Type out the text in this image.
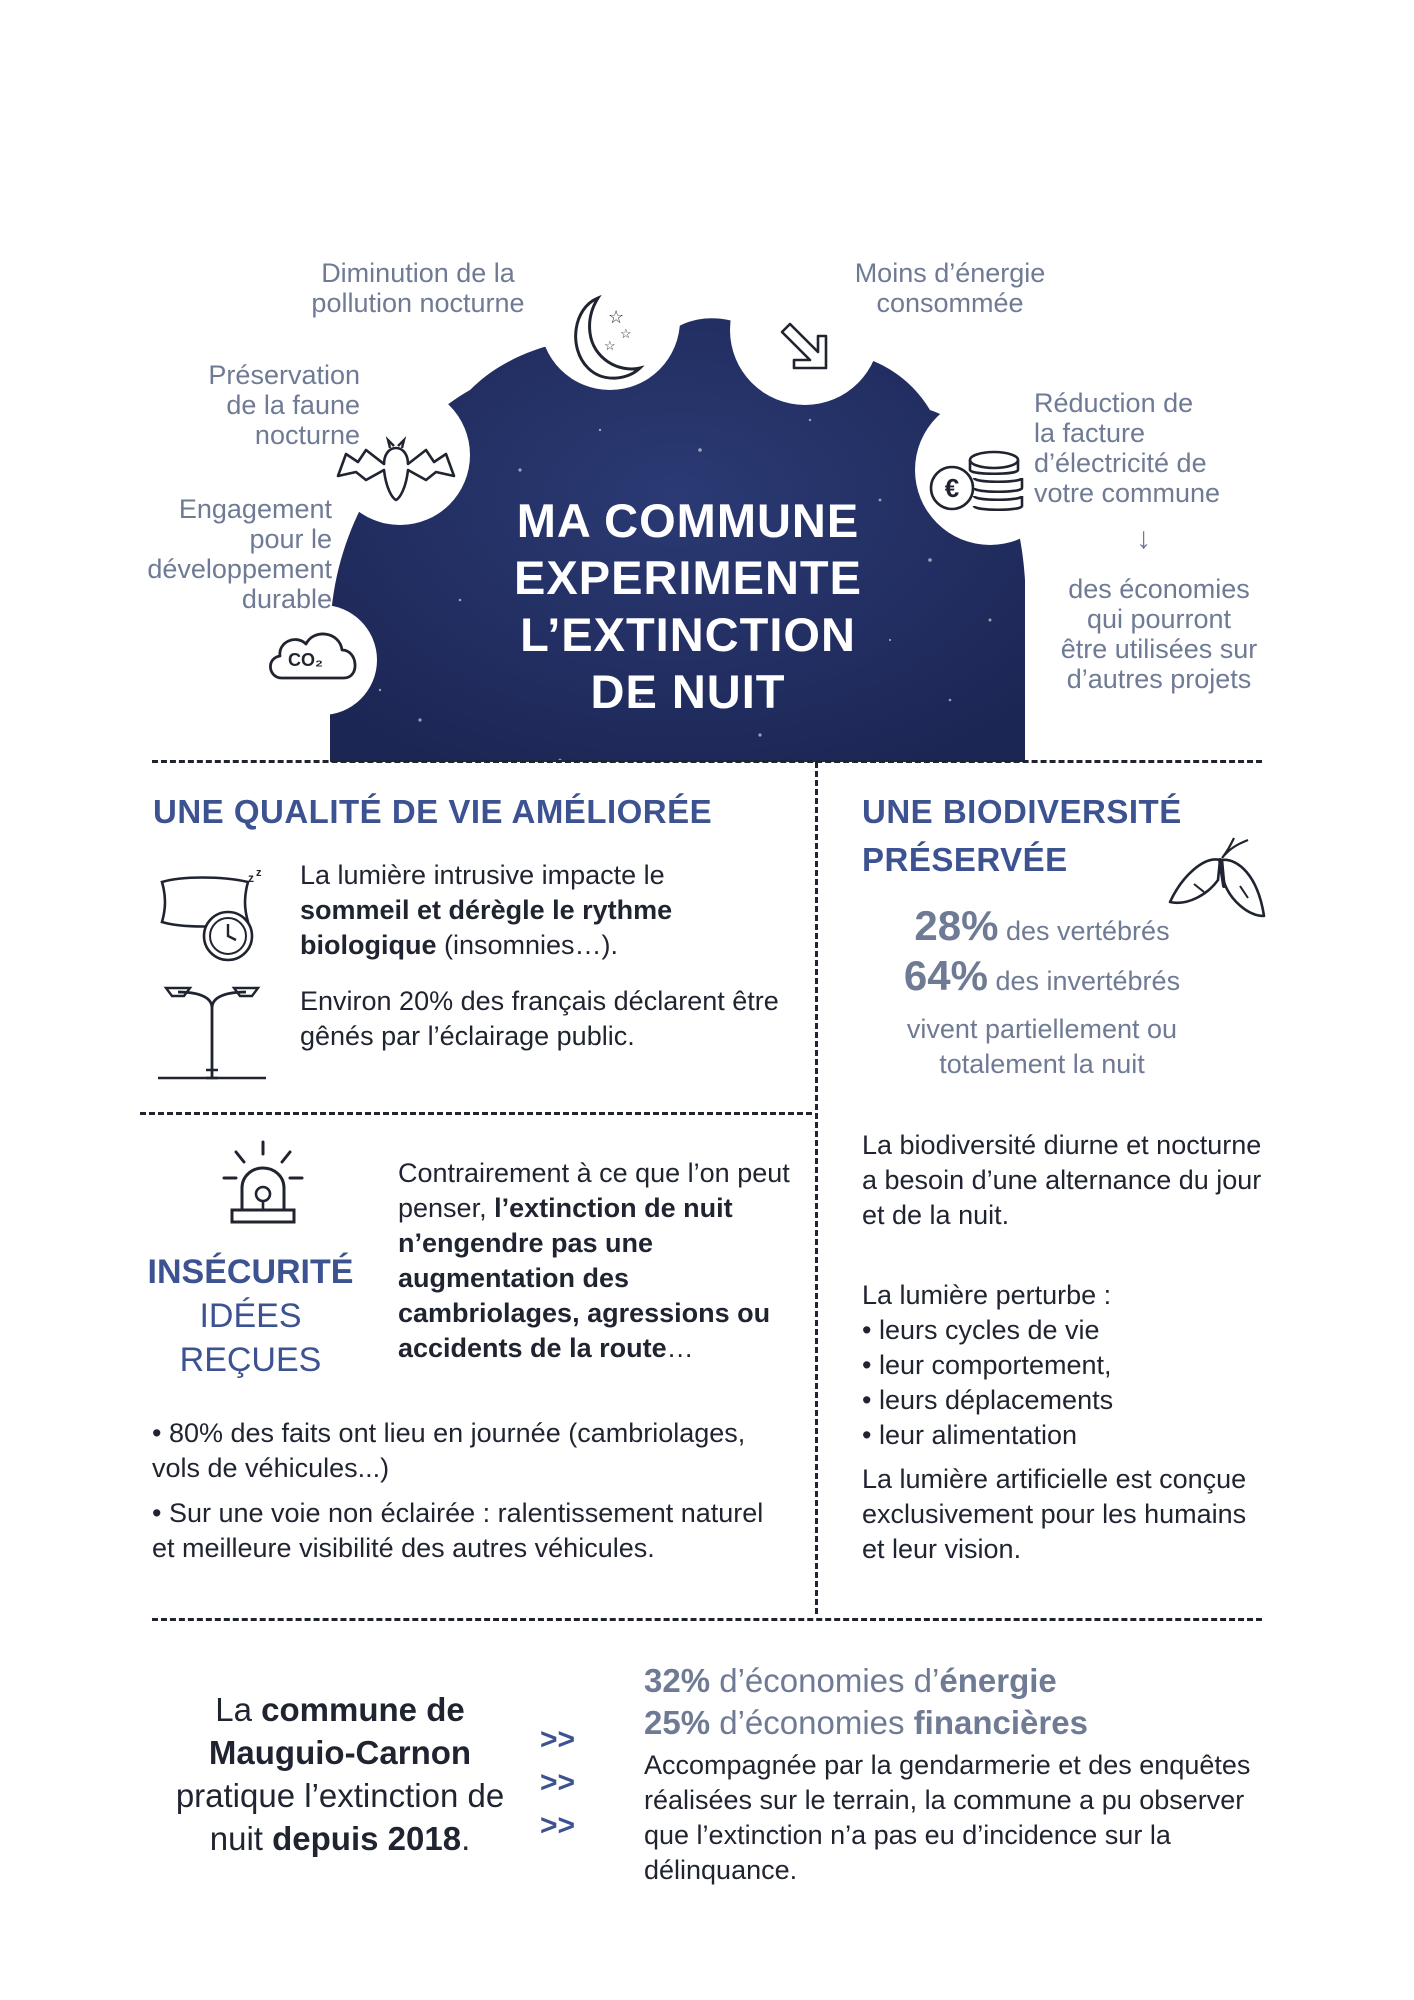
☆
☆
☆
€
CO₂
MA COMMUNE
EXPERIMENTE
L’EXTINCTION
DE NUIT
Diminution de la
pollution nocturne
Moins d’énergie
consommée
Préservation
de la faune
nocturne
Réduction de
la facture
d’électricité de
votre commune
↓
Engagement
pour le
développement
durable	des économies
qui pourront
être utilisées sur
d’autres projets
UNE QUALITÉ DE VIE AMÉLIORÉE
z z La lumière intrusive impacte le sommeil et dérègle le rythme biologique (insomnies…).
Environ 20% des français déclarent être gênés par l’éclairage public.
INSÉCURITÉ
IDÉES
REÇUES
Contrairement à ce que l’on peut penser, l’extinction de nuit n’engendre pas une augmentation des cambriolages, agressions ou accidents de la route…
• 80% des faits ont lieu en journée (cambriolages, vols de véhicules...)
• Sur une voie non éclairée : ralentissement naturel et meilleure visibilité des autres véhicules.
UNE BIODIVERSITÉ
PRÉSERVÉE
28% des vertébrés
64% des invertébrés
vivent partiellement ou
totalement la nuit
La biodiversité diurne et nocturne a besoin d’une alternance du jour et de la nuit.
La lumière perturbe :
• leurs cycles de vie
• leur comportement,
• leurs déplacements
• leur alimentation
La lumière artificielle est conçue exclusivement pour les humains et leur vision.
La commune de Mauguio-Carnon pratique l’extinction de nuit depuis 2018.
>>
>>
>>
32% d’économies d’énergie
25% d’économies financières
Accompagnée par la gendarmerie et des enquêtes réalisées sur le terrain, la commune a pu observer que l’extinction n’a pas eu d’incidence sur la délinquance.
